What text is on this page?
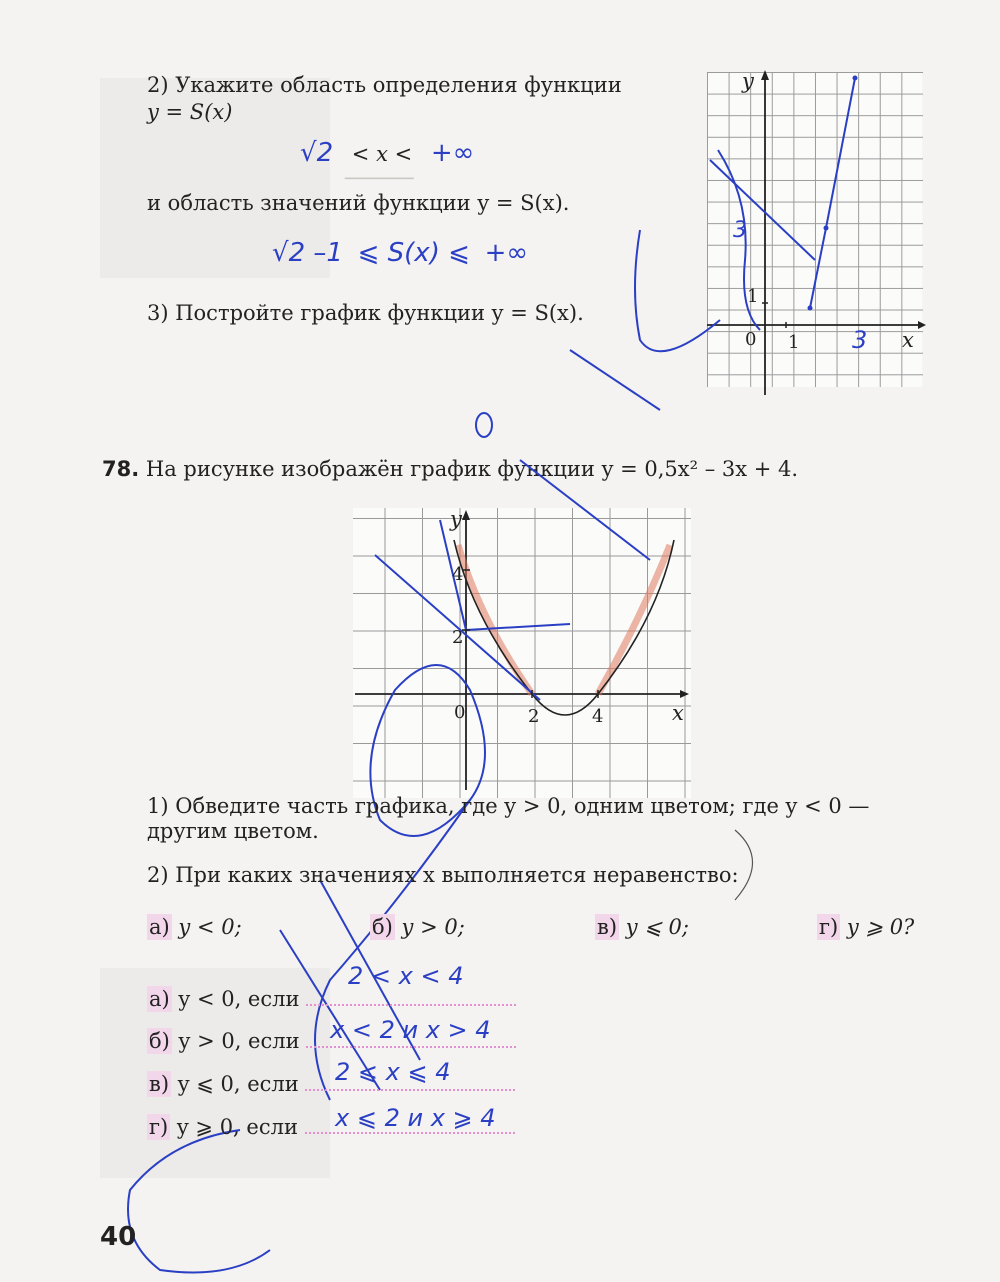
2) Укажите область определения функции
y = S(x)
√2 < x < +∞
и область значений функции y = S(x).
√2 –1 ⩽ S(x) ⩽ +∞
3) Постройте график функции y = S(x).
──────
y
x
0 1
1
3
3
78. На рисунке изображён график функции y = 0,5x² – 3x + 4.
y
x
0	2	4
2
4
1) Обведите часть графика, где y > 0, одним цветом; где y < 0 —
другим цветом.
2) При каких значениях x выполняется неравенство:
а) y < 0;	б) y > 0;	в) y ⩽ 0;	г) y ⩾ 0?
а) y < 0, если
2 < x < 4
б) y > 0, если	x < 2 и x > 4
в) y ⩽ 0, если	2 ⩽ x ⩽ 4
г) y ⩾ 0, если	x ⩽ 2 и x ⩾ 4
40
